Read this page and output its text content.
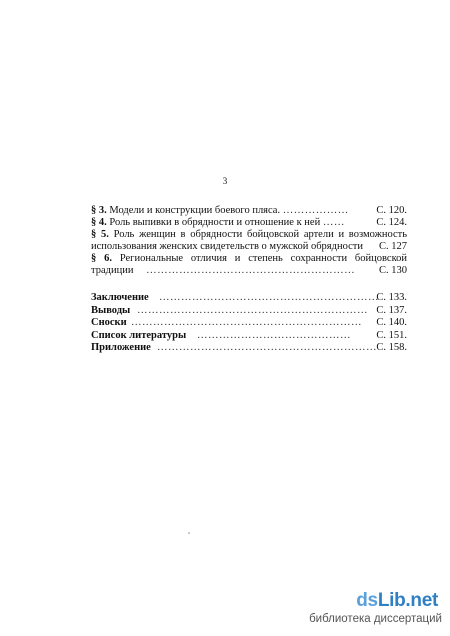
3
§ 3. Модели и конструкции боевого пляса. ………………	С. 120.
§ 4. Роль выпивки в обрядности и отношение к ней ……	С. 124.
§ 5. Роль женщин в обрядности бойцовской артели и возможность
использования женских свидетельств о мужской обрядности С. 127
§ 6. Региональные отличия и степень сохранности бойцовской
традиции ………………………………………………… С. 130
Заключение ……………………………………………………
С. 133.
Выводы ……………………………………………………… С. 137.
Сноски ……………………………………………………… С. 140.
Список литературы …………………………………… С. 151.
Приложение …………………………………………………… С. 158.
dsLib.net
библиотека диссертаций
